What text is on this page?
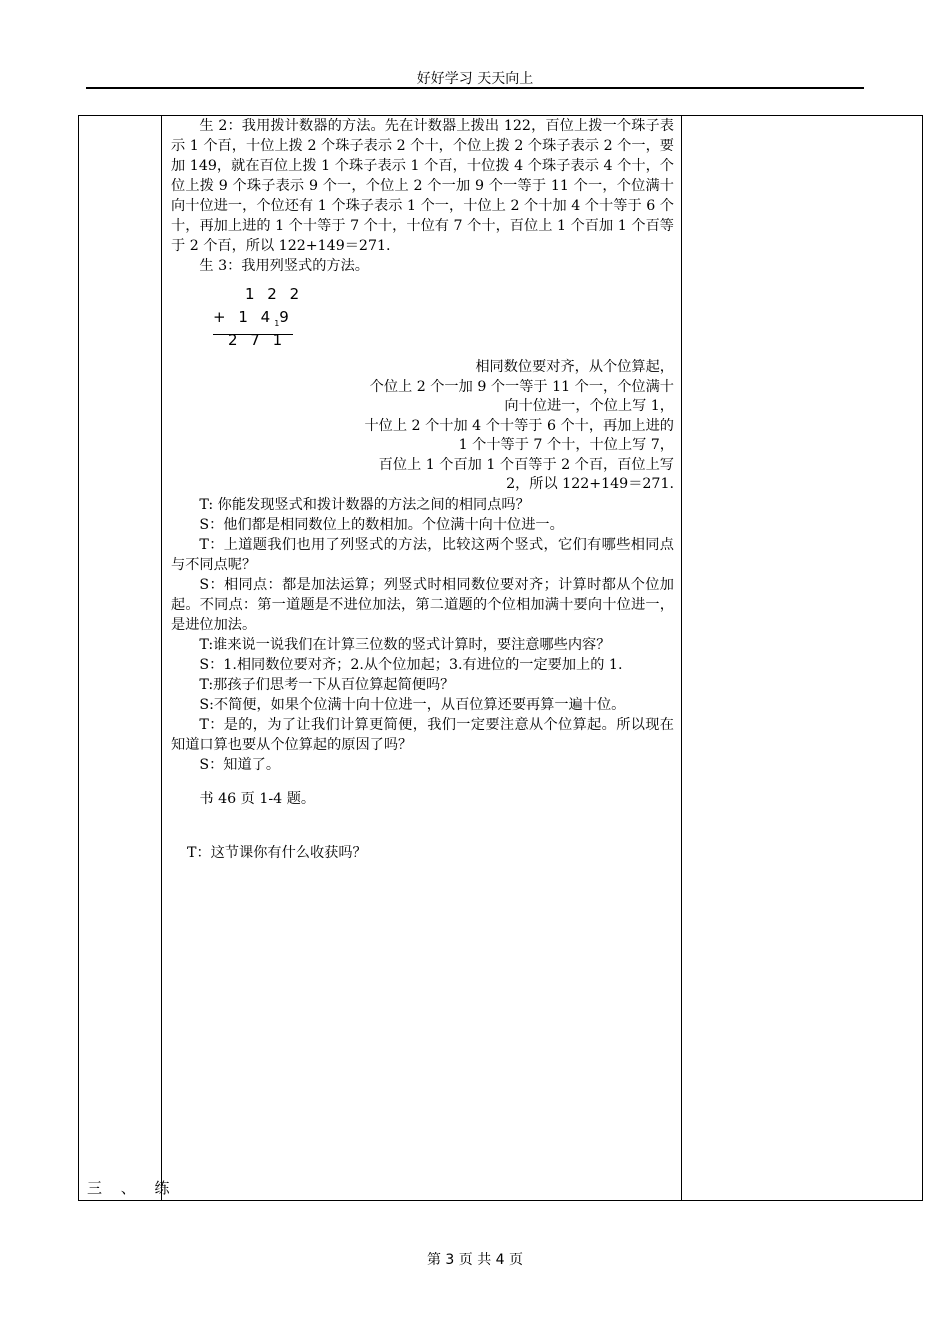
好好学习 天天向上
三 、 练

生 2：我用拨计数器的方法。先在计数器上拨出 122，百位上拨一个珠子表示 1 个百，十位上拨 2 个珠子表示 2 个十，个位上拨 2 个珠子表示 2 个一，要加 149，就在百位上拨 1 个珠子表示 1 个百，十位拨 4 个珠子表示 4 个十，个位上拨 9 个珠子表示 9 个一，个位上 2 个一加 9 个一等于 11 个一，个位满十向十位进一，个位还有 1 个珠子表示 1 个一，十位上 2 个十加 4 个十等于 6 个十，再加上进的 1 个十等于 7 个十，十位有 7 个十，百位上 1 个百加 1 个百等于 2 个百，所以 122+149＝271.

生 3：我用列竖式的方法。

1 2 2
+ 1 $4_19$
2 7 1
相同数位要对齐，从个位算起，
个位上 2 个一加 9 个一等于 11 个一，个位满十
向十位进一，个位上写 1，
十位上 2 个十加 4 个十等于 6 个十，再加上进的
1 个十等于 7 个十，十位上写 7，
百位上 1 个百加 1 个百等于 2 个百，百位上写
2，所以 122+149＝271.

T: 你能发现竖式和拨计数器的方法之间的相同点吗？

S：他们都是相同数位上的数相加。个位满十向十位进一。

T：上道题我们也用了列竖式的方法，比较这两个竖式，它们有哪些相同点与不同点呢？

S：相同点：都是加法运算；列竖式时相同数位要对齐；计算时都从个位加起。不同点：第一道题是不进位加法，第二道题的个位相加满十要向十位进一，是进位加法。

T:谁来说一说我们在计算三位数的竖式计算时，要注意哪些内容？

S：1.相同数位要对齐；2.从个位加起；3.有进位的一定要加上的 1.

T:那孩子们思考一下从百位算起简便吗？

S:不简便，如果个位满十向十位进一，从百位算还要再算一遍十位。

T：是的，为了让我们计算更简便，我们一定要注意从个位算起。所以现在知道口算也要从个位算起的原因了吗？

S：知道了。

书 46 页 1-4 题。

T：这节课你有什么收获吗？

第 3 页 共 4 页
